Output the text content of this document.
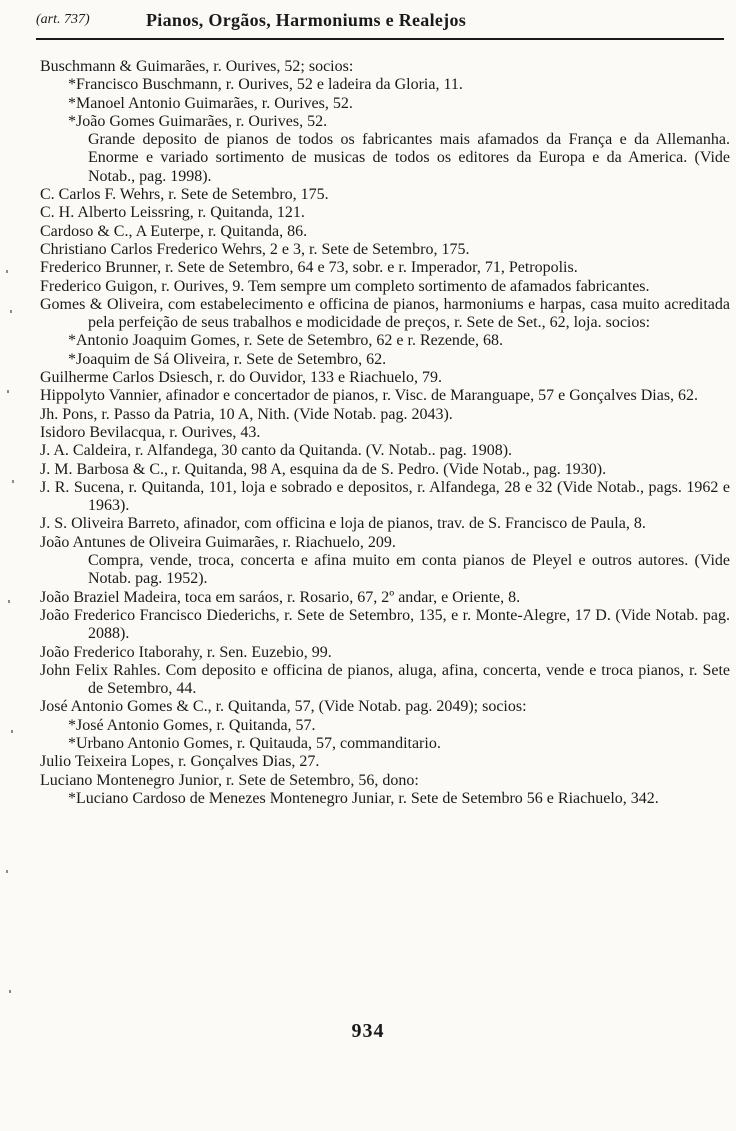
(art. 737)	Pianos, Orgãos, Harmoniums e Realejos
Buschmann & Guimarães, r. Ourives, 52; socios:
*Francisco Buschmann, r. Ourives, 52 e ladeira da Gloria, 11.
*Manoel Antonio Guimarães, r. Ourives, 52.
*João Gomes Guimarães, r. Ourives, 52.
Grande deposito de pianos de todos os fabricantes mais afamados da França e da Allemanha. Enorme e variado sortimento de musicas de todos os editores da Europa e da America. (Vide Notab., pag. 1998).
C. Carlos F. Wehrs, r. Sete de Setembro, 175.
C. H. Alberto Leissring, r. Quitanda, 121.
Cardoso & C., A Euterpe, r. Quitanda, 86.
Christiano Carlos Frederico Wehrs, 2 e 3, r. Sete de Setembro, 175.
Frederico Brunner, r. Sete de Setembro, 64 e 73, sobr. e r. Imperador, 71, Petropolis.
Frederico Guigon, r. Ourives, 9. Tem sempre um completo sortimento de afamados fabricantes.
Gomes & Oliveira, com estabelecimento e officina de pianos, harmoniums e harpas, casa muito acreditada pela perfeição de seus trabalhos e modicidade de preços, r. Sete de Set., 62, loja. socios:
*Antonio Joaquim Gomes, r. Sete de Setembro, 62 e r. Rezende, 68.
*Joaquim de Sá Oliveira, r. Sete de Setembro, 62.
Guilherme Carlos Dsiesch, r. do Ouvidor, 133 e Riachuelo, 79.
Hippolyto Vannier, afinador e concertador de pianos, r. Visc. de Maranguape, 57 e Gonçalves Dias, 62.
Jh. Pons, r. Passo da Patria, 10 A, Nith. (Vide Notab. pag. 2043).
Isidoro Bevilacqua, r. Ourives, 43.
J. A. Caldeira, r. Alfandega, 30 canto da Quitanda. (V. Notab.. pag. 1908).
J. M. Barbosa & C., r. Quitanda, 98 A, esquina da de S. Pedro. (Vide Notab., pag. 1930).
J. R. Sucena, r. Quitanda, 101, loja e sobrado e depositos, r. Alfandega, 28 e 32 (Vide Notab., pags. 1962 e 1963).
J. S. Oliveira Barreto, afinador, com officina e loja de pianos, trav. de S. Francisco de Paula, 8.
João Antunes de Oliveira Guimarães, r. Riachuelo, 209.
Compra, vende, troca, concerta e afina muito em conta pianos de Pleyel e outros autores. (Vide Notab. pag. 1952).
João Braziel Madeira, toca em saráos, r. Rosario, 67, 2º andar, e Oriente, 8.
João Frederico Francisco Diederichs, r. Sete de Setembro, 135, e r. Monte-Alegre, 17 D. (Vide Notab. pag. 2088).
João Frederico Itaborahy, r. Sen. Euzebio, 99.
John Felix Rahles. Com deposito e officina de pianos, aluga, afina, concerta, vende e troca pianos, r. Sete de Setembro, 44.
José Antonio Gomes & C., r. Quitanda, 57, (Vide Notab. pag. 2049); socios:
*José Antonio Gomes, r. Quitanda, 57.
*Urbano Antonio Gomes, r. Quitauda, 57, commanditario.
Julio Teixeira Lopes, r. Gonçalves Dias, 27.
Luciano Montenegro Junior, r. Sete de Setembro, 56, dono:
*Luciano Cardoso de Menezes Montenegro Juniar, r. Sete de Setembro 56 e Riachuelo, 342.
934
